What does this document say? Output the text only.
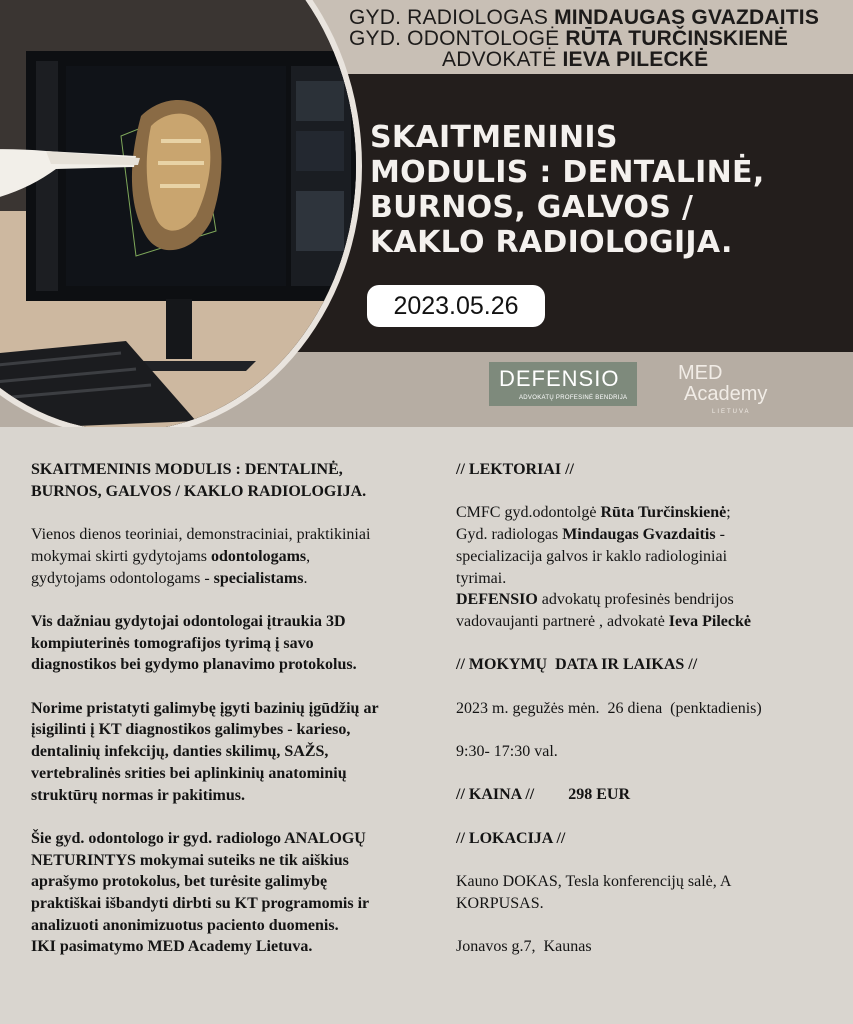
GYD. RADIOLOGAS MINDAUGAS GVAZDAITIS
GYD. ODONTOLOGĖ RŪTA TURČINSKIENĖ
ADVOKATĖ IEVA PILECKĖ
SKAITMENINIS
MODULIS : DENTALINĖ,
BURNOS, GALVOS /
KAKLO RADIOLOGIJA.
2023.05.26
DEFENSIO
ADVOKATŲ PROFESINĖ BENDRIJA
MED
Academy
LIETUVA

SKAITMENINIS MODULIS : DENTALINĖ,
BURNOS, GALVOS / KAKLO RADIOLOGIJA.

Vienos dienos teoriniai, demonstraciniai, praktikiniai
mokymai skirti gydytojams odontologams,
gydytojams odontologams - specialistams.

Vis dažniau gydytojai odontologai įtraukia 3D
kompiuterinės tomografijos tyrimą į savo
diagnostikos bei gydymo planavimo protokolus.

Norime pristatyti galimybę įgyti bazinių įgūdžių ar
įsigilinti į KT diagnostikos galimybes - karieso,
dentalinių infekcijų, danties skilimų, SAŽS,
vertebralinės srities bei aplinkinių anatominių
struktūrų normas ir pakitimus.

Šie gyd. odontologo ir gyd. radiologo ANALOGŲ
NETURINTYS mokymai suteiks ne tik aiškius
aprašymo protokolus, bet turėsite galimybę
praktiškai išbandyti dirbti su KT programomis ir
analizuoti anonimizuotus paciento duomenis.
IKI pasimatymo MED Academy Lietuva.

// LEKTORIAI //

CMFC gyd.odontolgė Rūta Turčinskienė;
Gyd. radiologas Mindaugas Gvazdaitis -
specializacija galvos ir kaklo radiologiniai
tyrimai.
DEFENSIO advokatų profesinės bendrijos
vadovaujanti partnerė , advokatė Ieva Pileckė

// MOKYMŲ  DATA IR LAIKAS //

2023 m. gegužės mėn.  26 diena  (penktadienis)

9:30- 17:30 val.

// KAINA // 298 EUR

// LOKACIJA //

Kauno DOKAS, Tesla konferencijų salė, A
KORPUSAS.

Jonavos g.7,  Kaunas
